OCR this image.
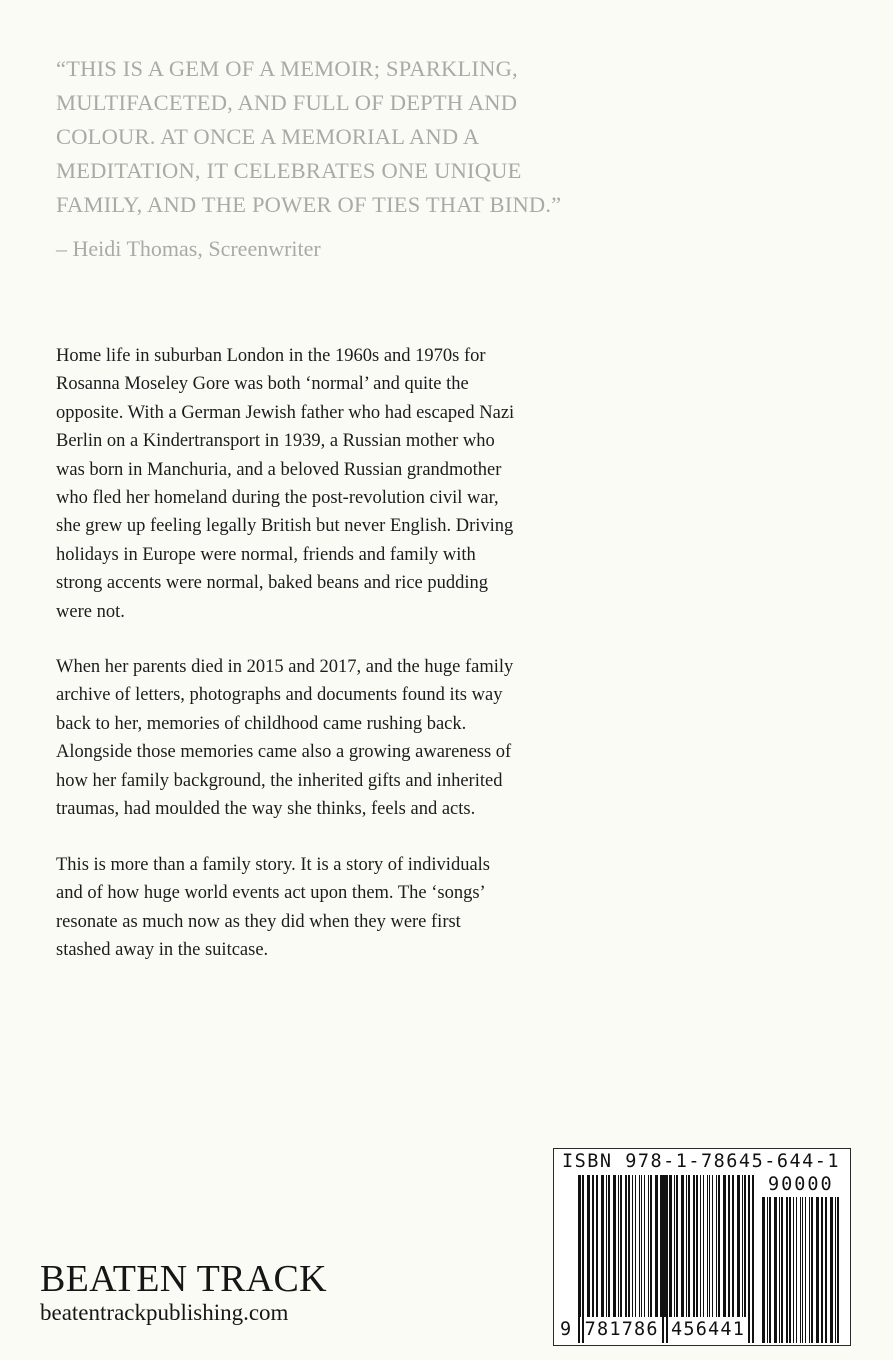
“THIS IS A GEM OF A MEMOIR; SPARKLING,
MULTIFACETED, AND FULL OF DEPTH AND
COLOUR. AT ONCE A MEMORIAL AND A
MEDITATION, IT CELEBRATES ONE UNIQUE
FAMILY, AND THE POWER OF TIES THAT BIND.”
– Heidi Thomas, Screenwriter
Home life in suburban London in the 1960s and 1970s for
Rosanna Moseley Gore was both ‘normal’ and quite the
opposite. With a German Jewish father who had escaped Nazi
Berlin on a Kindertransport in 1939, a Russian mother who
was born in Manchuria, and a beloved Russian grandmother
who fled her homeland during the post-revolution civil war,
she grew up feeling legally British but never English. Driving
holidays in Europe were normal, friends and family with
strong accents were normal, baked beans and rice pudding
were not.
When her parents died in 2015 and 2017, and the huge family
archive of letters, photographs and documents found its way
back to her, memories of childhood came rushing back.
Alongside those memories came also a growing awareness of
how her family background, the inherited gifts and inherited
traumas, had moulded the way she thinks, feels and acts.
This is more than a family story. It is a story of individuals
and of how huge world events act upon them. The ‘songs’
resonate as much now as they did when they were first
stashed away in the suitcase.
BEATEN TRACK
beatentrackpublishing.com
ISBN 978-1-78645-644-1
90000
9 781786 456441
